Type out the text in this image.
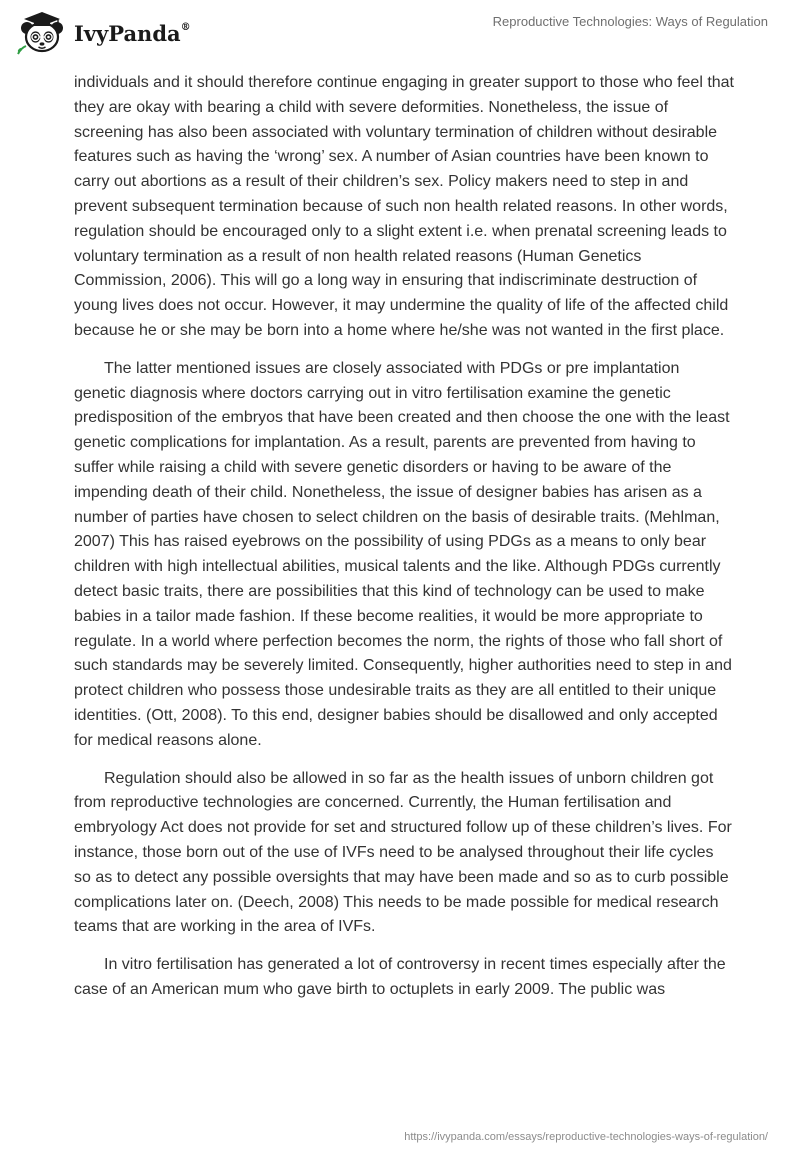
IvyPanda®	Reproductive Technologies: Ways of Regulation

individuals and it should therefore continue engaging in greater support to those who feel that they are okay with bearing a child with severe deformities. Nonetheless, the issue of screening has also been associated with voluntary termination of children without desirable features such as having the ‘wrong’ sex. A number of Asian countries have been known to carry out abortions as a result of their children’s sex. Policy makers need to step in and prevent subsequent termination because of such non health related reasons. In other words, regulation should be encouraged only to a slight extent i.e. when prenatal screening leads to voluntary termination as a result of non health related reasons (Human Genetics Commission, 2006). This will go a long way in ensuring that indiscriminate destruction of young lives does not occur. However, it may undermine the quality of life of the affected child because he or she may be born into a home where he/she was not wanted in the first place.

The latter mentioned issues are closely associated with PDGs or pre implantation genetic diagnosis where doctors carrying out in vitro fertilisation examine the genetic predisposition of the embryos that have been created and then choose the one with the least genetic complications for implantation. As a result, parents are prevented from having to suffer while raising a child with severe genetic disorders or having to be aware of the impending death of their child. Nonetheless, the issue of designer babies has arisen as a number of parties have chosen to select children on the basis of desirable traits. (Mehlman, 2007) This has raised eyebrows on the possibility of using PDGs as a means to only bear children with high intellectual abilities, musical talents and the like. Although PDGs currently detect basic traits, there are possibilities that this kind of technology can be used to make babies in a tailor made fashion. If these become realities, it would be more appropriate to regulate. In a world where perfection becomes the norm, the rights of those who fall short of such standards may be severely limited. Consequently, higher authorities need to step in and protect children who possess those undesirable traits as they are all entitled to their unique identities. (Ott, 2008). To this end, designer babies should be disallowed and only accepted for medical reasons alone.

Regulation should also be allowed in so far as the health issues of unborn children got from reproductive technologies are concerned. Currently, the Human fertilisation and embryology Act does not provide for set and structured follow up of these children’s lives. For instance, those born out of the use of IVFs need to be analysed throughout their life cycles so as to detect any possible oversights that may have been made and so as to curb possible complications later on. (Deech, 2008) This needs to be made possible for medical research teams that are working in the area of IVFs.

In vitro fertilisation has generated a lot of controversy in recent times especially after the case of an American mum who gave birth to octuplets in early 2009. The public was

https://ivypanda.com/essays/reproductive-technologies-ways-of-regulation/
